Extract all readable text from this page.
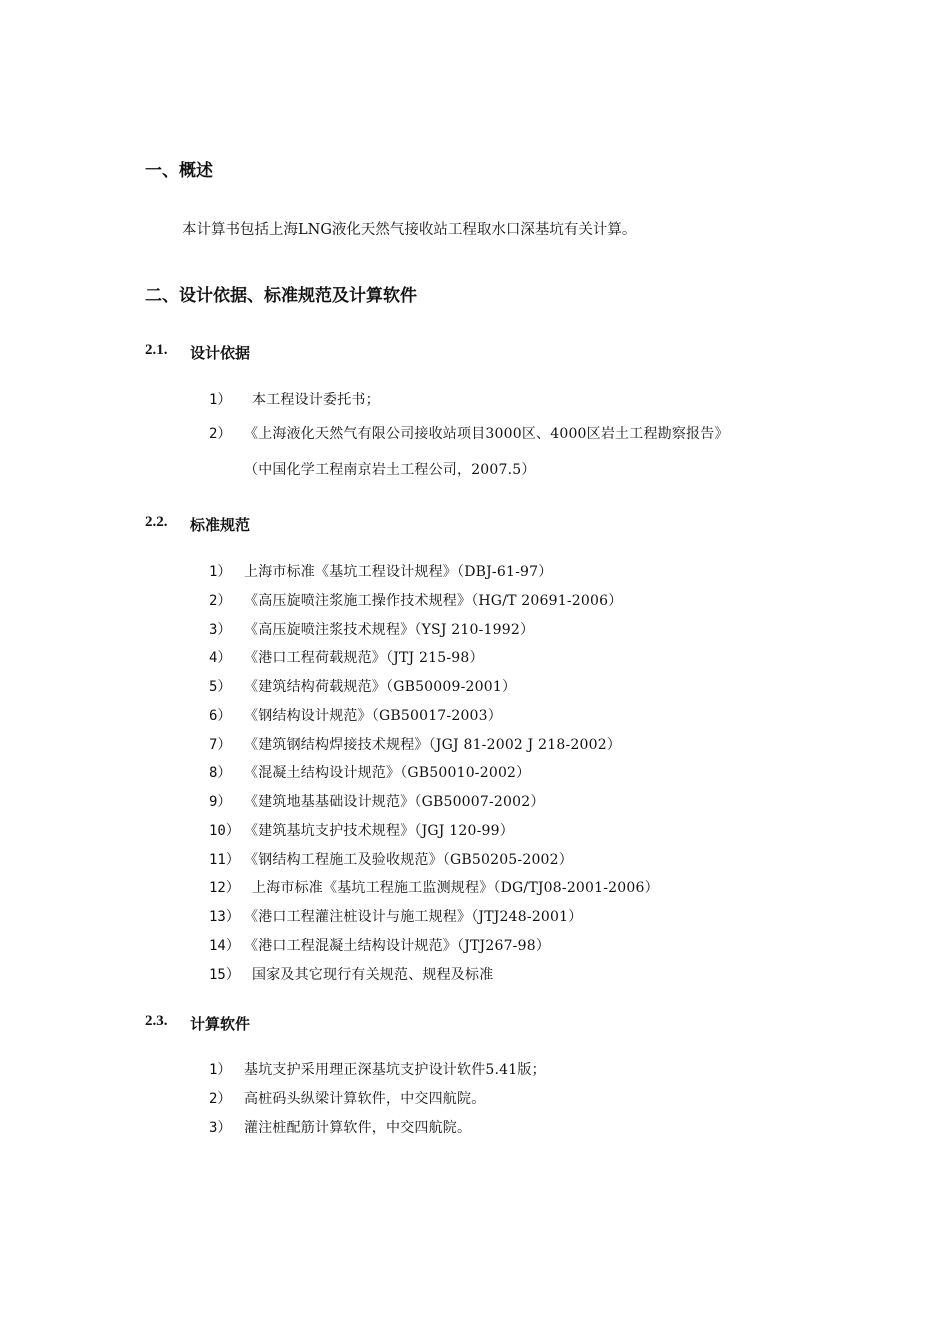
一、概述
本计算书包括上海LNG液化天然气接收站工程取水口深基坑有关计算。
二、设计依据、标准规范及计算软件
2.1. 设计依据
1） 本工程设计委托书；
2） 《上海液化天然气有限公司接收站项目3000区、4000区岩土工程勘察报告》
（中国化学工程南京岩土工程公司，2007.5）
2.2. 标准规范
1） 上海市标准《基坑工程设计规程》（DBJ-61-97）
2） 《高压旋喷注浆施工操作技术规程》（HG/T 20691-2006）
3） 《高压旋喷注浆技术规程》（YSJ 210-1992）
4） 《港口工程荷载规范》（JTJ 215-98）
5） 《建筑结构荷载规范》（GB50009-2001）
6） 《钢结构设计规范》（GB50017-2003）
7） 《建筑钢结构焊接技术规程》（JGJ 81-2002 J 218-2002）
8） 《混凝土结构设计规范》（GB50010-2002）
9） 《建筑地基基础设计规范》（GB50007-2002）
10） 《建筑基坑支护技术规程》（JGJ 120-99）
11） 《钢结构工程施工及验收规范》（GB50205-2002）
12） 上海市标准《基坑工程施工监测规程》（DG/TJ08-2001-2006）
13） 《港口工程灌注桩设计与施工规程》（JTJ248-2001）
14） 《港口工程混凝土结构设计规范》（JTJ267-98）
15） 国家及其它现行有关规范、规程及标准
2.3. 计算软件
1） 基坑支护采用理正深基坑支护设计软件5.41版；
2） 高桩码头纵梁计算软件，中交四航院。
3） 灌注桩配筋计算软件，中交四航院。
